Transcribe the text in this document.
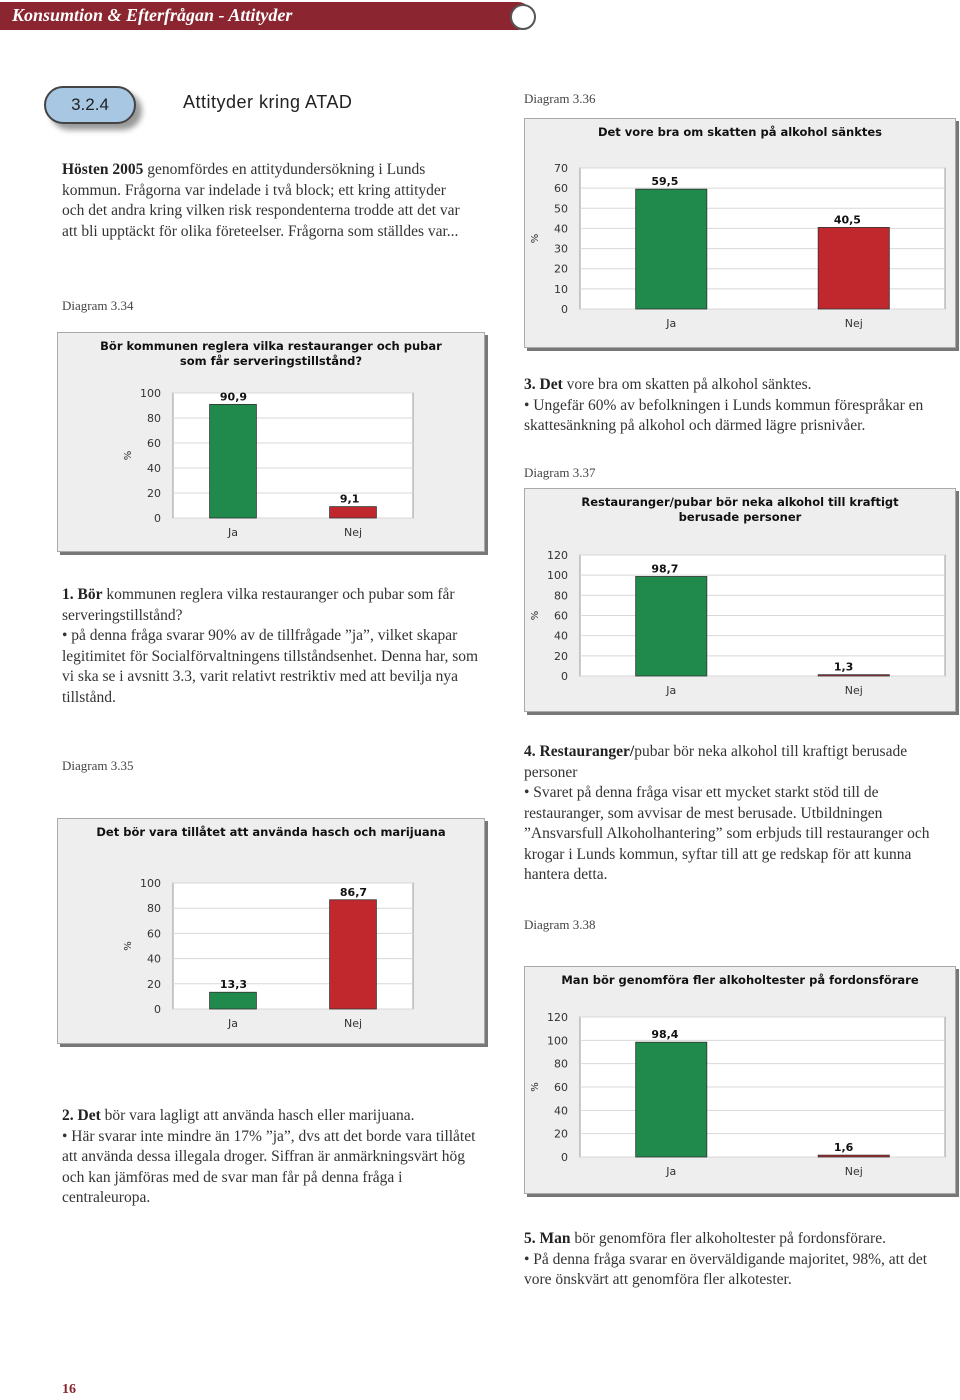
Konsumtion & Efterfrågan - Attityder
3.2.4	Attityder kring ATAD
Hösten 2005 genomfördes en attitydundersökning i Lunds kommun. Frågorna var indelade i två block; ett kring attityder och det andra kring vilken risk respondenterna trodde att det var att bli upptäckt för olika företeelser. Frågorna som ställdes var...
Diagram 3.34
Diagram 3.35
Diagram 3.36
Diagram 3.37
Diagram 3.38
Bör kommunen reglera vilka restauranger och pubar som får serveringstillstånd?
0
20
40
60
80
100
%
90,9
Ja
9,1
Nej
Det bör vara tillåtet att använda hasch och marijuana
0
20
40
60
80
100
%
13,3
Ja
86,7
Nej
Det vore bra om skatten på alkohol sänktes
0
10
20
30
40
50
60
70
%
59,5
Ja
40,5
Nej
Restauranger/pubar bör neka alkohol till kraftigt berusade personer
0
20
40
60
80
100
120
%
98,7
Ja
1,3
Nej
Man bör genomföra fler alkoholtester på fordonsförare
0
20
40
60
80
100
120
%
98,4
Ja
1,6
Nej
1. Bör kommunen reglera vilka restauranger och pubar som får serveringstillstånd?
• på denna fråga svarar 90% av de tillfrågade ”ja”, vilket skapar legitimitet för Socialförvaltningens tillståndsenhet. Denna har, som vi ska se i avsnitt 3.3, varit relativt restriktiv med att bevilja nya tillstånd.
2. Det bör vara lagligt att använda hasch eller marijuana.
• Här svarar inte mindre än 17% ”ja”, dvs att det borde vara tillåtet att använda dessa illegala droger. Siffran är anmärkningsvärt hög och kan jämföras med de svar man får på denna fråga i centraleuropa.
3. Det vore bra om skatten på alkohol sänktes.
• Ungefär 60% av befolkningen i Lunds kommun förespråkar en skattesänkning på alkohol och därmed lägre prisnivåer.
4. Restauranger/pubar bör neka alkohol till kraftigt berusade personer
• Svaret på denna fråga visar ett mycket starkt stöd till de restauranger, som avvisar de mest berusade. Utbildningen ”Ansvarsfull Alkoholhantering” som erbjuds till restauranger och krogar i Lunds kommun, syftar till att ge redskap för att kunna hantera detta.
5. Man bör genomföra fler alkoholtester på fordonsförare.
• På denna fråga svarar en överväldigande majoritet, 98%, att det vore önskvärt att genomföra fler alkotester.
16
